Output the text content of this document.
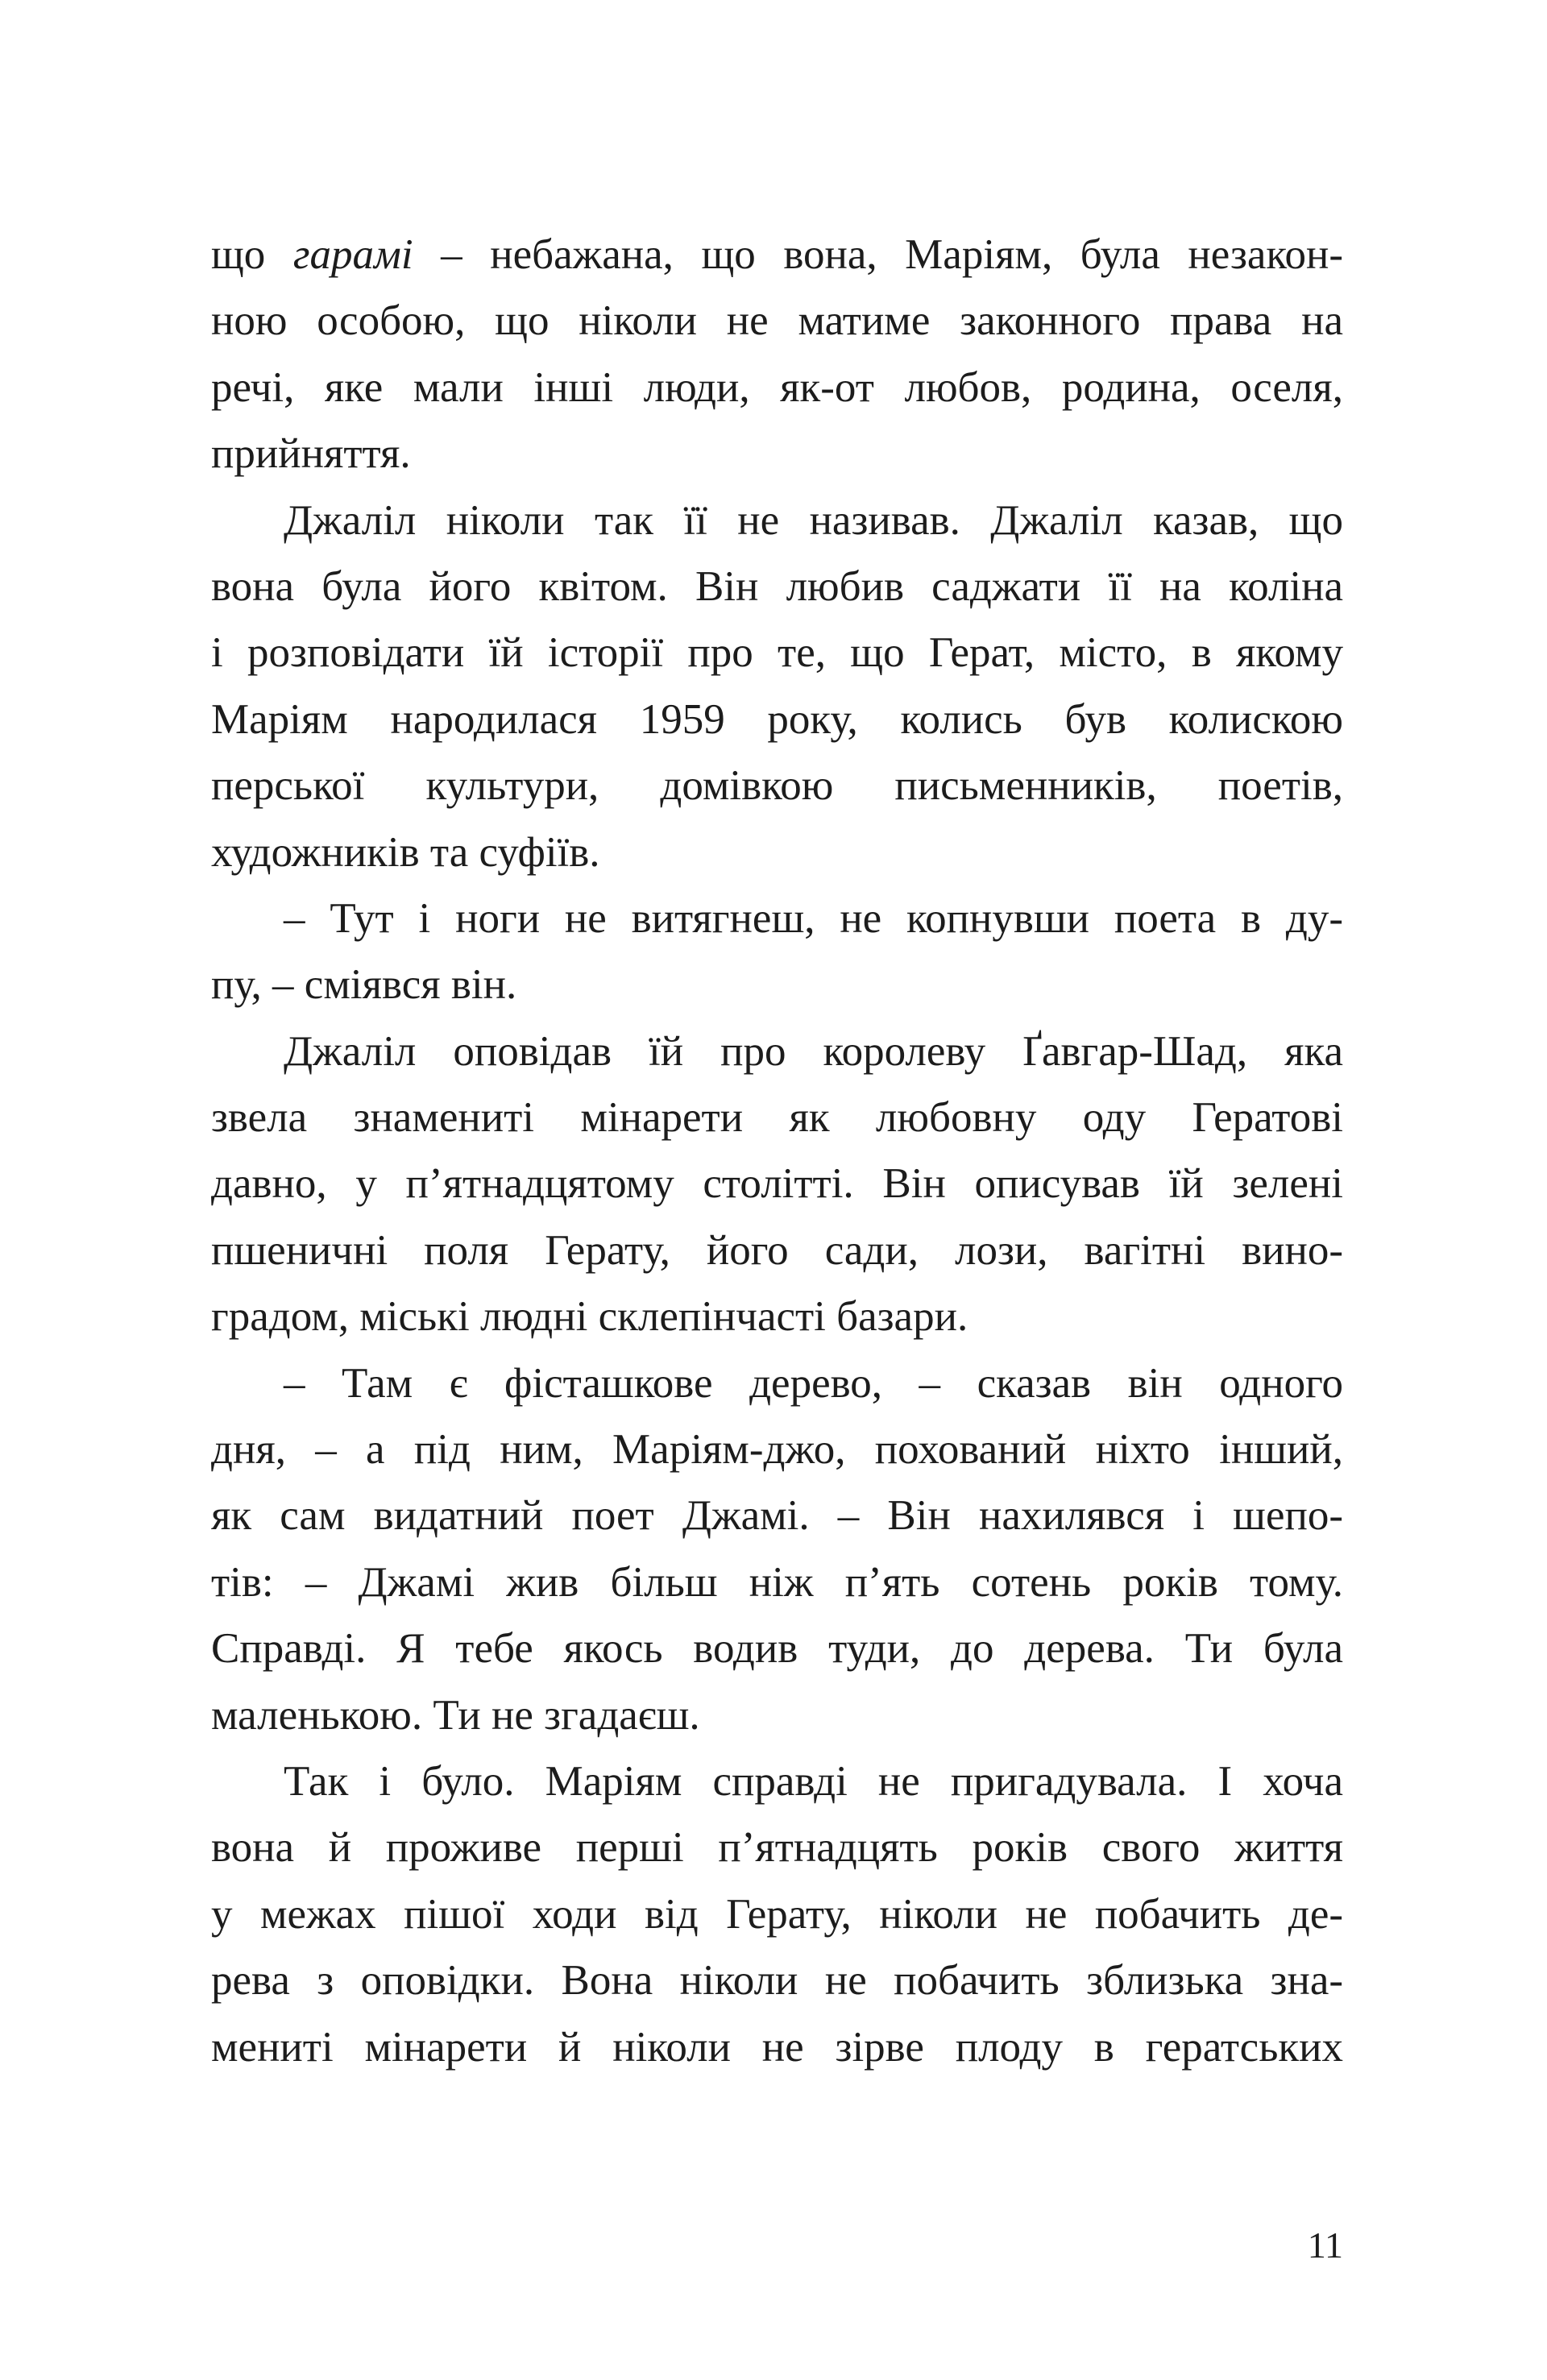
що гарамі – небажана, що вона, Маріям, була незакон-
ною особою, що ніколи не матиме законного права на
речі, яке мали інші люди, як-от любов, родина, оселя,
прийняття.
Джаліл ніколи так її не називав. Джаліл казав, що
вона була його квітом. Він любив саджати її на коліна
і розповідати їй історії про те, що Герат, місто, в якому
Маріям народилася 1959 року, колись був колискою
перської культури, домівкою письменників, поетів,
художників та суфіїв.
– Тут і ноги не витягнеш, не копнувши поета в ду-
пу, – сміявся він.
Джаліл оповідав їй про королеву Ґавгар-Шад, яка
звела знамениті мінарети як любовну оду Гератові
давно, у п’ятнадцятому столітті. Він описував їй зелені
пшеничні поля Герату, його сади, лози, вагітні вино-
градом, міські людні склепінчасті базари.
– Там є фісташкове дерево, – сказав він одного
дня, – а під ним, Маріям-джо, похований ніхто інший,
як сам видатний поет Джамі. – Він нахилявся і шепо-
тів: – Джамі жив більш ніж п’ять сотень років тому.
Справді. Я тебе якось водив туди, до дерева. Ти була
маленькою. Ти не згадаєш.
Так і було. Маріям справді не пригадувала. І хоча
вона й проживе перші п’ятнадцять років свого життя
у межах пішої ходи від Герату, ніколи не побачить де-
рева з оповідки. Вона ніколи не побачить зблизька зна-
мениті мінарети й ніколи не зірве плоду в гератських
11
